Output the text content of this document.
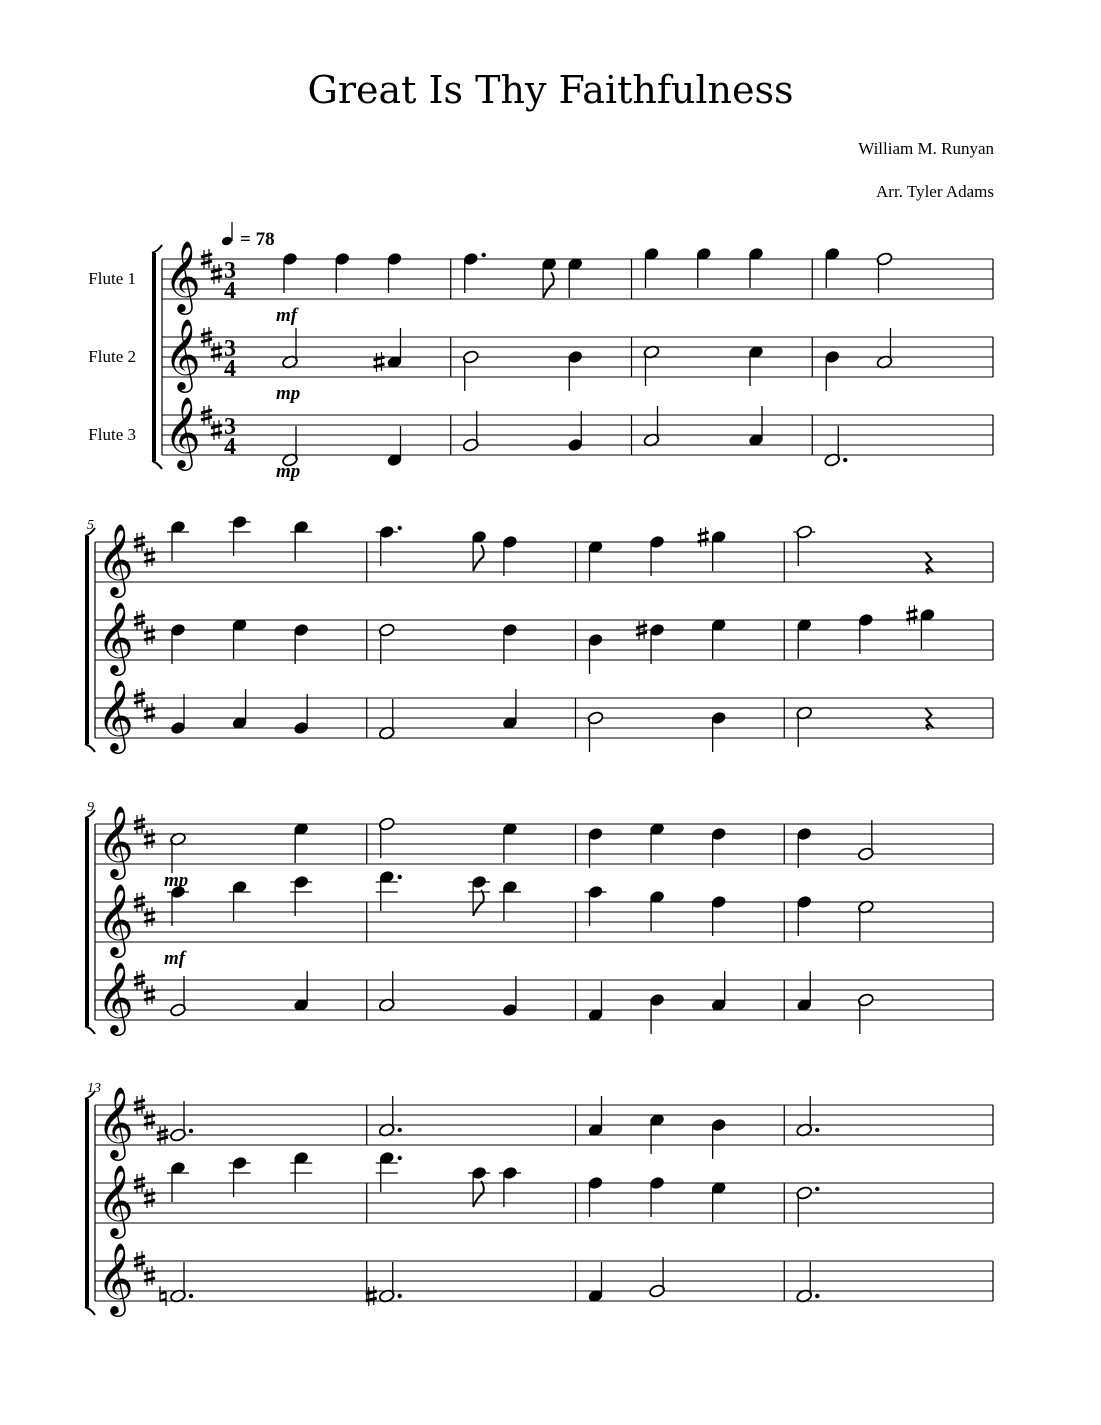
Great Is Thy Faithfulness
William M. Runyan
Arr. Tyler Adams
= 78
Flute 1 𝄞 3
4
Flute 2 𝄞 3
4
Flute 3 𝄞 3
4
mf
mp
mp
5
𝄞
𝄞
𝄞
9
𝄞
𝄞
𝄞
mp
mf
13
𝄞
𝄞
𝄞
